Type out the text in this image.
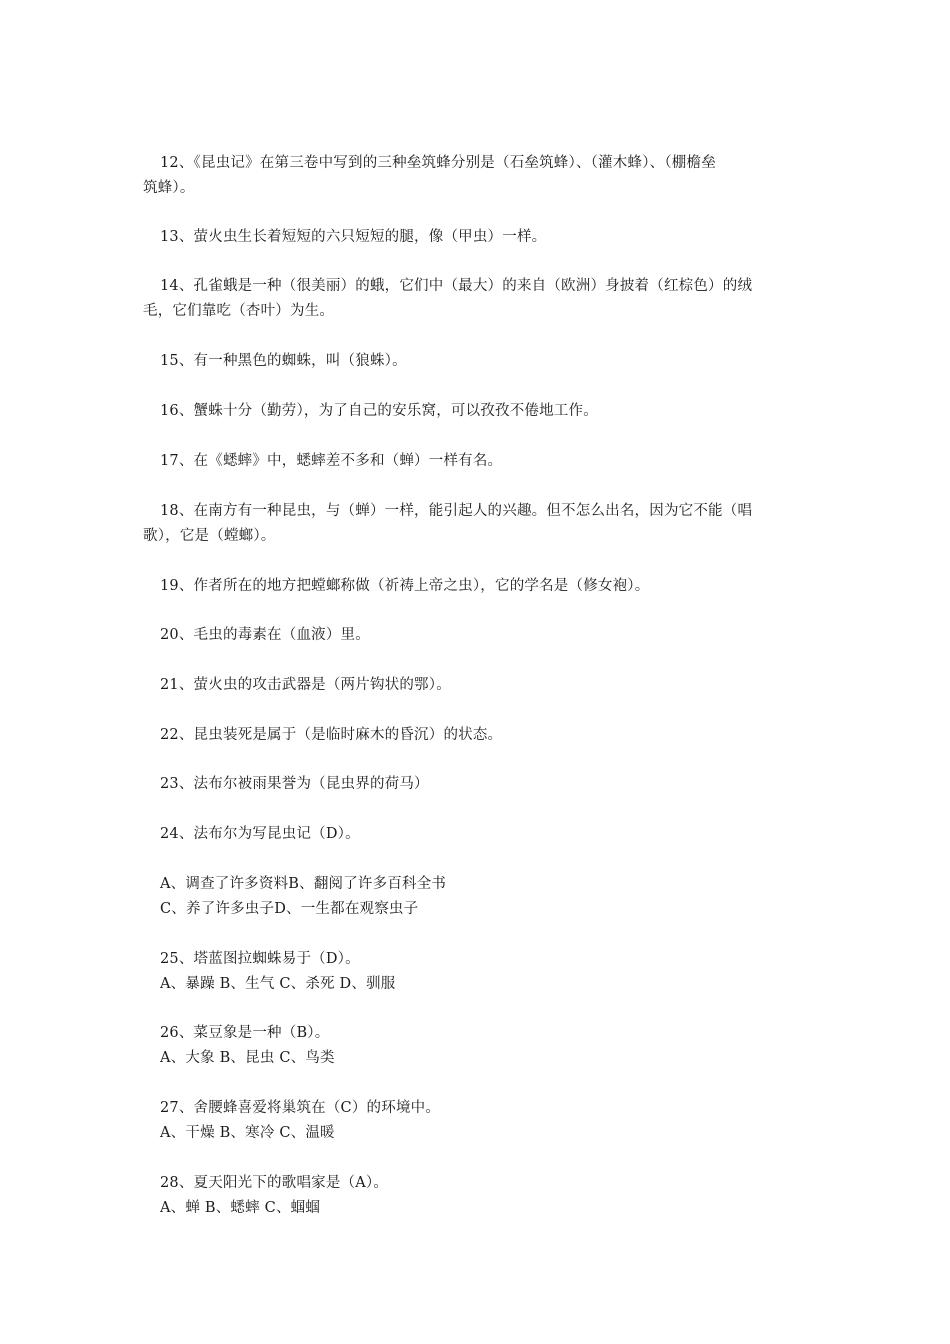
12、《昆虫记》在第三卷中写到的三种垒筑蜂分别是（石垒筑蜂）、（灌木蜂）、（棚檐垒
筑蜂）。
13、萤火虫生长着短短的六只短短的腿，像（甲虫）一样。
14、孔雀蛾是一种（很美丽）的蛾，它们中（最大）的来自（欧洲）身披着（红棕色）的绒
毛，它们靠吃（杏叶）为生。
15、有一种黑色的蜘蛛，叫（狼蛛）。
16、蟹蛛十分（勤劳），为了自己的安乐窝，可以孜孜不倦地工作。
17、在《蟋蟀》中，蟋蟀差不多和（蝉）一样有名。
18、在南方有一种昆虫，与（蝉）一样，能引起人的兴趣。但不怎么出名，因为它不能（唱
歌），它是（螳螂）。
19、作者所在的地方把螳螂称做（祈祷上帝之虫），它的学名是（修女袍）。
20、毛虫的毒素在（血液）里。
21、萤火虫的攻击武器是（两片钩状的鄂）。
22、昆虫装死是属于（是临时麻木的昏沉）的状态。
23、法布尔被雨果誉为（昆虫界的荷马）
24、法布尔为写昆虫记（D）。
A、调查了许多资料B、翻阅了许多百科全书
C、养了许多虫子D、一生都在观察虫子
25、塔蓝图拉蜘蛛易于（D）。
A、暴躁 B、生气 C、杀死 D、驯服
26、菜豆象是一种（B）。
A、大象 B、昆虫 C、鸟类
27、舍腰蜂喜爱将巢筑在（C）的环境中。
A、干燥 B、寒冷 C、温暖
28、夏天阳光下的歌唱家是（A）。
A、蝉 B、蟋蟀 C、蝈蝈
